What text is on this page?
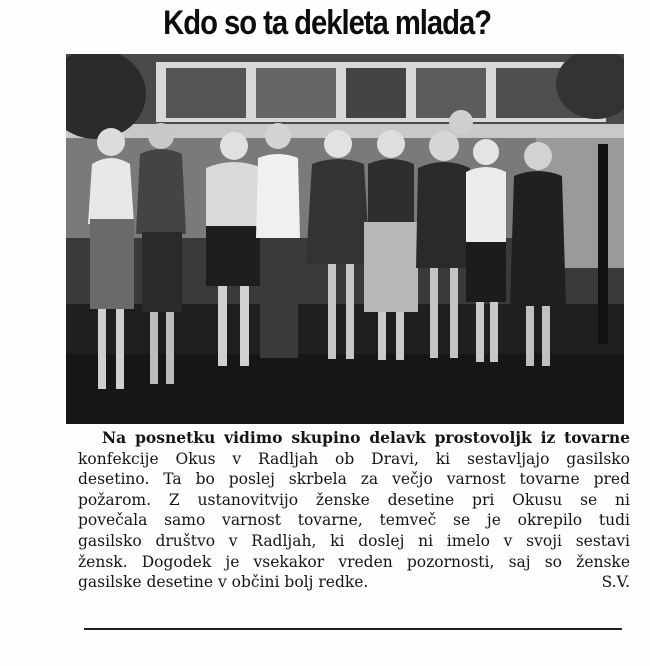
Kdo so ta dekleta mlada?
Na posnetku vidimo skupino delavk prostovoljk iz tovarne
konfekcije Okus v Radljah ob Dravi, ki sestavljajo gasilsko
desetino. Ta bo poslej skrbela za večjo varnost tovarne pred
požarom. Z ustanovitvijo ženske desetine pri Okusu se ni
povečala samo varnost tovarne, temveč se je okrepilo tudi
gasilsko društvo v Radljah, ki doslej ni imelo v svoji sestavi
žensk. Dogodek je vsekakor vreden pozornosti, saj so ženske
gasilske desetine v občini bolj redke.	S.V.
